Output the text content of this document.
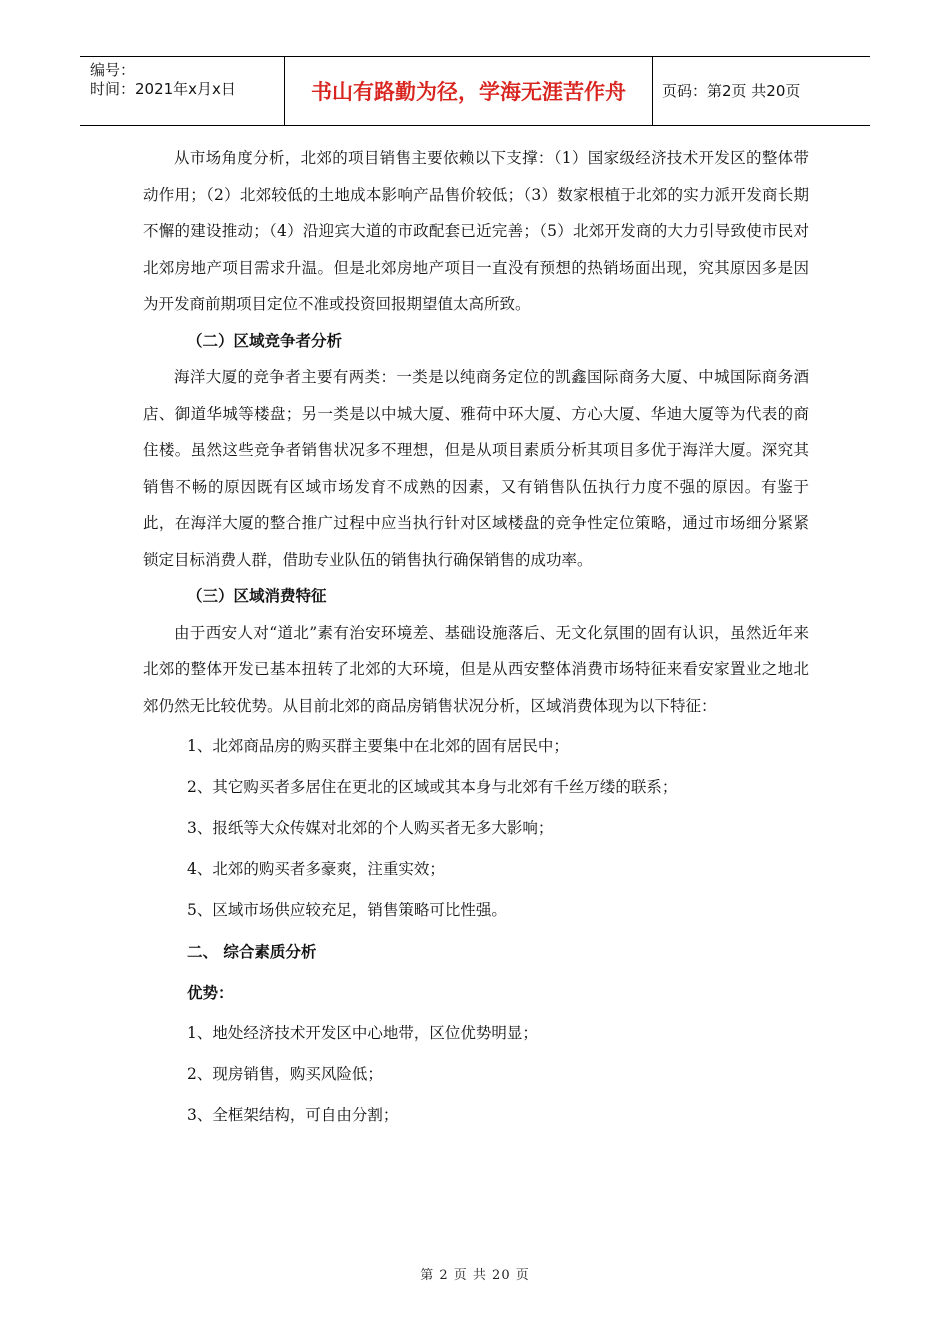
编号：
时间：2021年x月x日	书山有路勤为径，学海无涯苦作舟	页码：第2页 共20页

从市场角度分析，北郊的项目销售主要依赖以下支撑：（1）国家级经济技术开发区的整体带动作用；（2）北郊较低的土地成本影响产品售价较低；（3）数家根植于北郊的实力派开发商长期不懈的建设推动；（4）沿迎宾大道的市政配套已近完善；（5）北郊开发商的大力引导致使市民对北郊房地产项目需求升温。但是北郊房地产项目一直没有预想的热销场面出现，究其原因多是因为开发商前期项目定位不准或投资回报期望值太高所致。

（二）区域竞争者分析

海洋大厦的竞争者主要有两类：一类是以纯商务定位的凯鑫国际商务大厦、中城国际商务酒店、御道华城等楼盘；另一类是以中城大厦、雅荷中环大厦、方心大厦、华迪大厦等为代表的商住楼。虽然这些竞争者销售状况多不理想，但是从项目素质分析其项目多优于海洋大厦。深究其销售不畅的原因既有区域市场发育不成熟的因素，又有销售队伍执行力度不强的原因。有鉴于此，在海洋大厦的整合推广过程中应当执行针对区域楼盘的竞争性定位策略，通过市场细分紧紧锁定目标消费人群，借助专业队伍的销售执行确保销售的成功率。

（三）区域消费特征

由于西安人对“道北”素有治安环境差、基础设施落后、无文化氛围的固有认识，虽然近年来北郊的整体开发已基本扭转了北郊的大环境，但是从西安整体消费市场特征来看安家置业之地北郊仍然无比较优势。从目前北郊的商品房销售状况分析，区域消费体现为以下特征：

1、北郊商品房的购买群主要集中在北郊的固有居民中；

2、其它购买者多居住在更北的区域或其本身与北郊有千丝万缕的联系；

3、报纸等大众传媒对北郊的个人购买者无多大影响；

4、北郊的购买者多豪爽，注重实效；

5、区域市场供应较充足，销售策略可比性强。

二、 综合素质分析

优势：

1、地处经济技术开发区中心地带，区位优势明显；

2、现房销售，购买风险低；

3、全框架结构，可自由分割；

第 2 页 共 20 页
